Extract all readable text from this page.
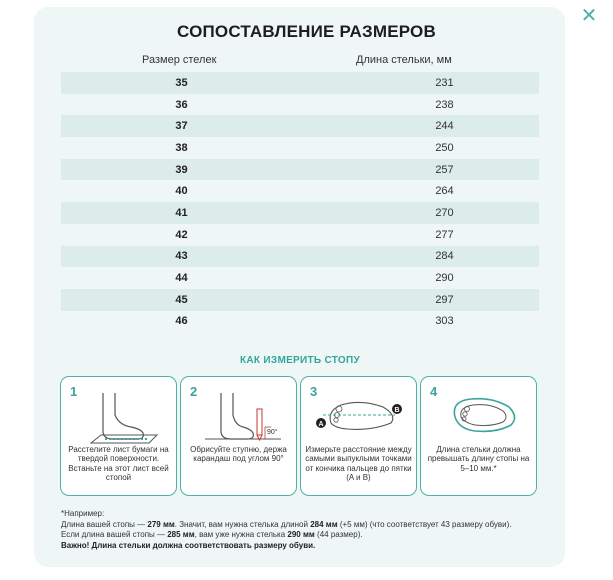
✕
СОПОСТАВЛЕНИЕ РАЗМЕРОВ
Размер стелек	Длина стельки, мм
35	231
36	238
37	244
38	250
39	257
40	264
41	270
42	277
43	284
44	290
45	297
46	303
КАК ИЗМЕРИТЬ СТОПУ
1
Расстелите лист бумаги на твердой поверхности. Встаньте на этот лист всей стопой
2
90°
Обрисуйте ступню, держа карандаш под углом 90°
3
A
B
Измерьте расстояние между самыми выпуклыми точками от кончика пальцев до пятки (A и B)
4
Длина стельки должна превышать длину стопы на 5–10 мм.*
*Например:
Длина вашей стопы — 279 мм. Значит, вам нужна стелька длиной 284 мм (+5 мм) (что соответствует 43 размеру обуви).
Если длина вашей стопы — 285 мм, вам уже нужна стелька 290 мм (44 размер).
Важно! Длина стельки должна соответствовать размеру обуви.
